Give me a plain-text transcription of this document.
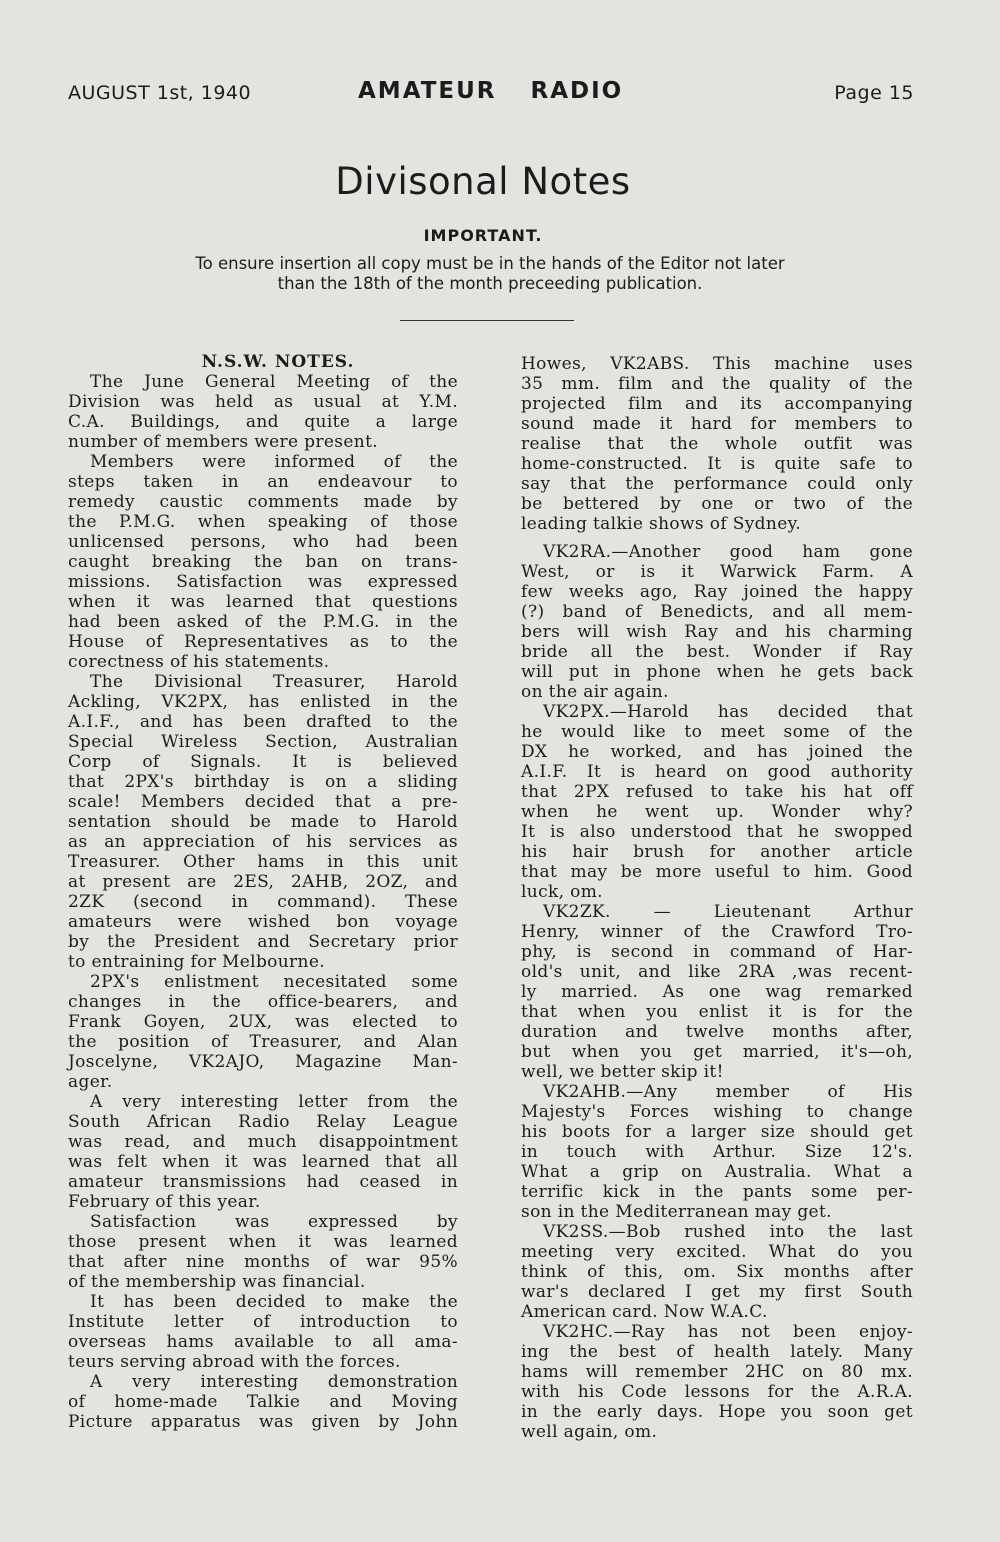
AUGUST 1st, 1940	AMATEUR RADIO	Page 15
Divisonal Notes
IMPORTANT.
To ensure insertion all copy must be in the hands of the Editor not later
than the 18th of the month preceeding publication.
N.S.W. NOTES.
The June General Meeting of the
Division was held as usual at Y.M.
C.A. Buildings, and quite a large
number of members were present.
Members were informed of the
steps taken in an endeavour to
remedy caustic comments made by
the P.M.G. when speaking of those
unlicensed persons, who had been
caught breaking the ban on trans-
missions. Satisfaction was expressed
when it was learned that questions
had been asked of the P.M.G. in the
House of Representatives as to the
corectness of his statements.
The Divisional Treasurer, Harold
Ackling, VK2PX, has enlisted in the
A.I.F., and has been drafted to the
Special Wireless Section, Australian
Corp of Signals. It is believed
that 2PX's birthday is on a sliding
scale! Members decided that a pre-
sentation should be made to Harold
as an appreciation of his services as
Treasurer. Other hams in this unit
at present are 2ES, 2AHB, 2OZ, and
2ZK (second in command). These
amateurs were wished bon voyage
by the President and Secretary prior
to entraining for Melbourne.
2PX's enlistment necesitated some
changes in the office-bearers, and
Frank Goyen, 2UX, was elected to
the position of Treasurer, and Alan
Joscelyne, VK2AJO, Magazine Man-
ager.
A very interesting letter from the
South African Radio Relay League
was read, and much disappointment
was felt when it was learned that all
amateur transmissions had ceased in
February of this year.
Satisfaction was expressed by
those present when it was learned
that after nine months of war 95%
of the membership was financial.
It has been decided to make the
Institute letter of introduction to
overseas hams available to all ama-
teurs serving abroad with the forces.
A very interesting demonstration
of home-made Talkie and Moving
Picture apparatus was given by John
Howes, VK2ABS. This machine uses
35 mm. film and the quality of the
projected film and its accompanying
sound made it hard for members to
realise that the whole outfit was
home-constructed. It is quite safe to
say that the performance could only
be bettered by one or two of the
leading talkie shows of Sydney.
VK2RA.—Another good ham gone
West, or is it Warwick Farm. A
few weeks ago, Ray joined the happy
(?) band of Benedicts, and all mem-
bers will wish Ray and his charming
bride all the best. Wonder if Ray
will put in phone when he gets back
on the air again.
VK2PX.—Harold has decided that
he would like to meet some of the
DX he worked, and has joined the
A.I.F. It is heard on good authority
that 2PX refused to take his hat off
when he went up. Wonder why?
It is also understood that he swopped
his hair brush for another article
that may be more useful to him. Good
luck, om.
VK2ZK. — Lieutenant Arthur
Henry, winner of the Crawford Tro-
phy, is second in command of Har-
old's unit, and like 2RA ,was recent-
ly married. As one wag remarked
that when you enlist it is for the
duration and twelve months after,
but when you get married, it's—oh,
well, we better skip it!
VK2AHB.—Any member of His
Majesty's Forces wishing to change
his boots for a larger size should get
in touch with Arthur. Size 12's.
What a grip on Australia. What a
terrific kick in the pants some per-
son in the Mediterranean may get.
VK2SS.—Bob rushed into the last
meeting very excited. What do you
think of this, om. Six months after
war's declared I get my first South
American card. Now W.A.C.
VK2HC.—Ray has not been enjoy-
ing the best of health lately. Many
hams will remember 2HC on 80 mx.
with his Code lessons for the A.R.A.
in the early days. Hope you soon get
well again, om.
